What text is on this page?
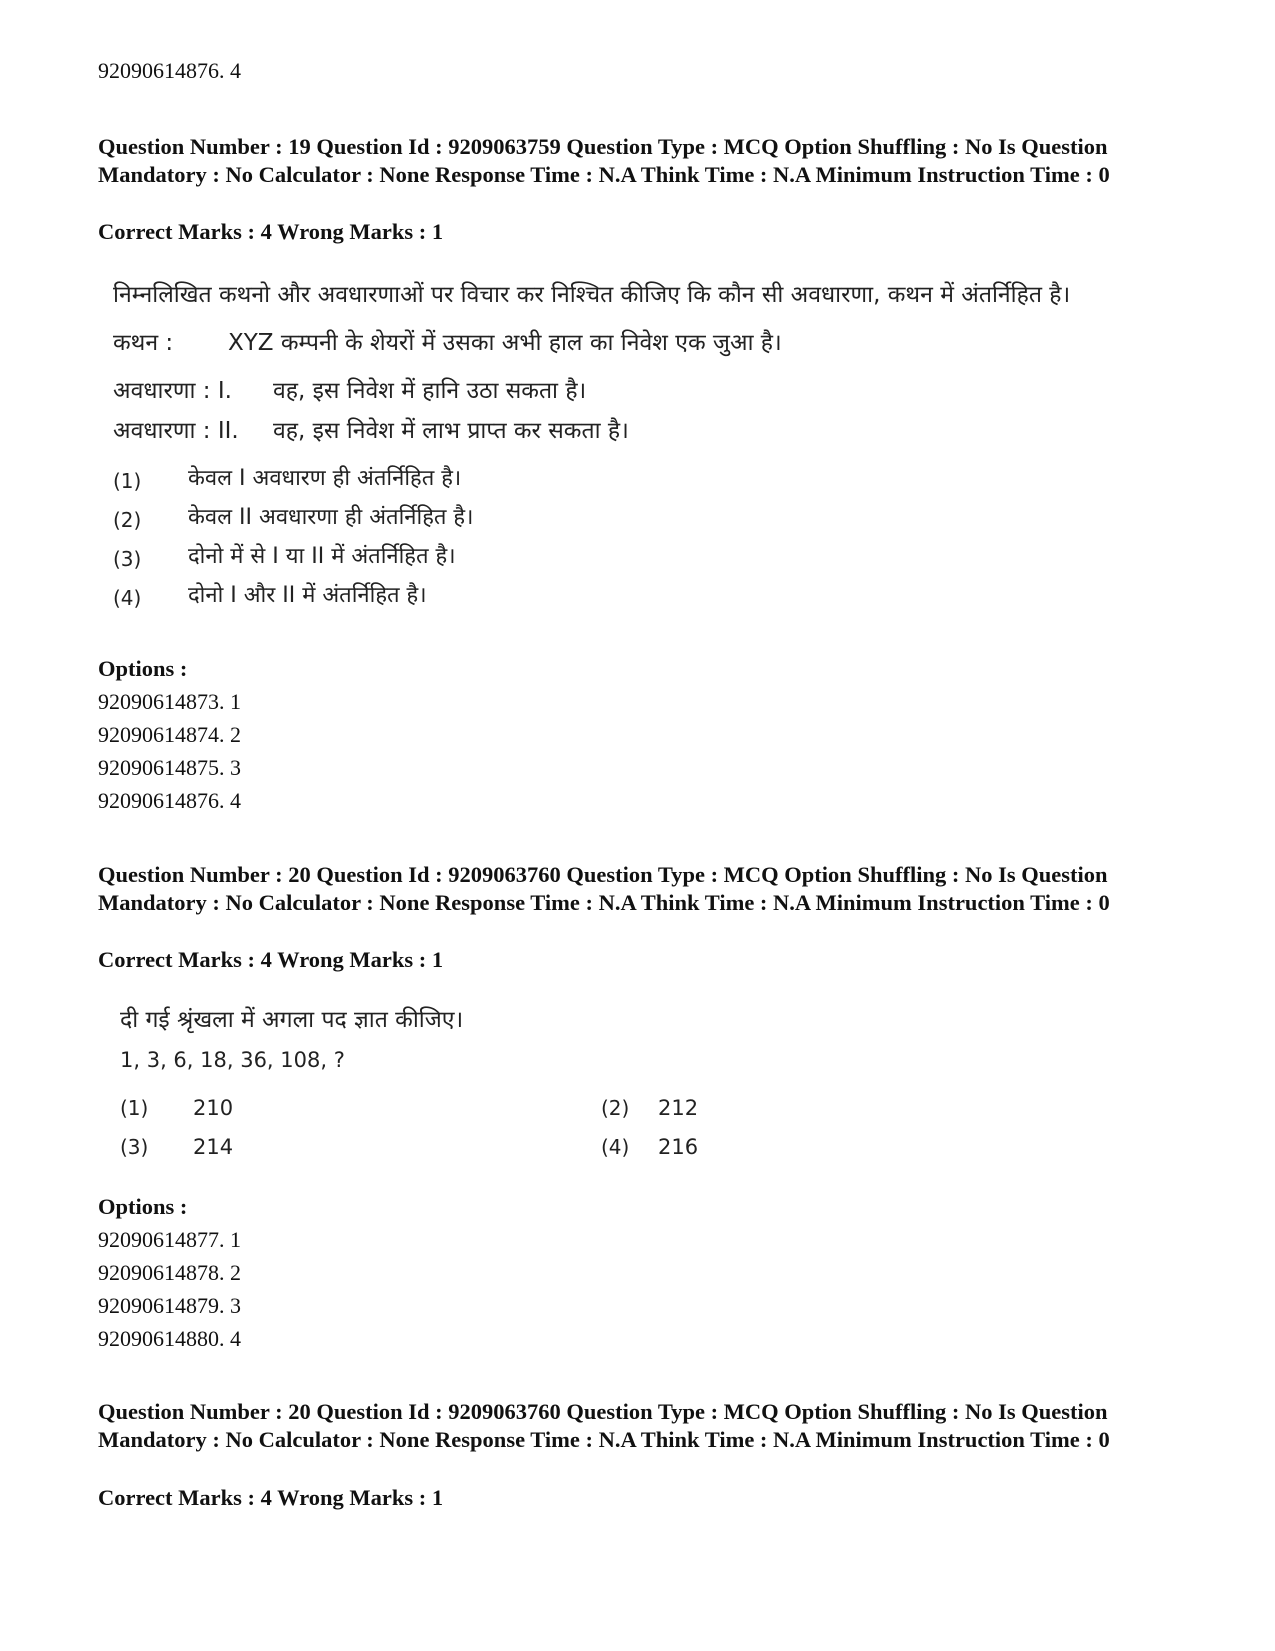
92090614876. 4
Question Number : 19 Question Id : 9209063759 Question Type : MCQ Option Shuffling : No Is Question Mandatory : No Calculator : None Response Time : N.A Think Time : N.A Minimum Instruction Time : 0
Correct Marks : 4 Wrong Marks : 1
निम्नलिखित कथनो और अवधारणाओं पर विचार कर निश्चित कीजिए कि कौन सी अवधारणा, कथन में अंतर्निहित है।
कथन : XYZ कम्पनी के शेयरों में उसका अभी हाल का निवेश एक जुआ है।
अवधारणा : I. वह, इस निवेश में हानि उठा सकता है।
अवधारणा : II. वह, इस निवेश में लाभ प्राप्त कर सकता है।
(1) केवल I अवधारण ही अंतर्निहित है।
(2) केवल II अवधारणा ही अंतर्निहित है।
(3) दोनो में से I या II में अंतर्निहित है।
(4) दोनो I और II में अंतर्निहित है।
Options :
92090614873. 1
92090614874. 2
92090614875. 3
92090614876. 4
Question Number : 20 Question Id : 9209063760 Question Type : MCQ Option Shuffling : No Is Question Mandatory : No Calculator : None Response Time : N.A Think Time : N.A Minimum Instruction Time : 0
Correct Marks : 4 Wrong Marks : 1
दी गई श्रृंखला में अगला पद ज्ञात कीजिए।
1, 3, 6, 18, 36, 108, ?
(1) 210	(2) 212
(3) 214	(4) 216
Options :
92090614877. 1
92090614878. 2
92090614879. 3
92090614880. 4
Question Number : 20 Question Id : 9209063760 Question Type : MCQ Option Shuffling : No Is Question Mandatory : No Calculator : None Response Time : N.A Think Time : N.A Minimum Instruction Time : 0
Correct Marks : 4 Wrong Marks : 1
